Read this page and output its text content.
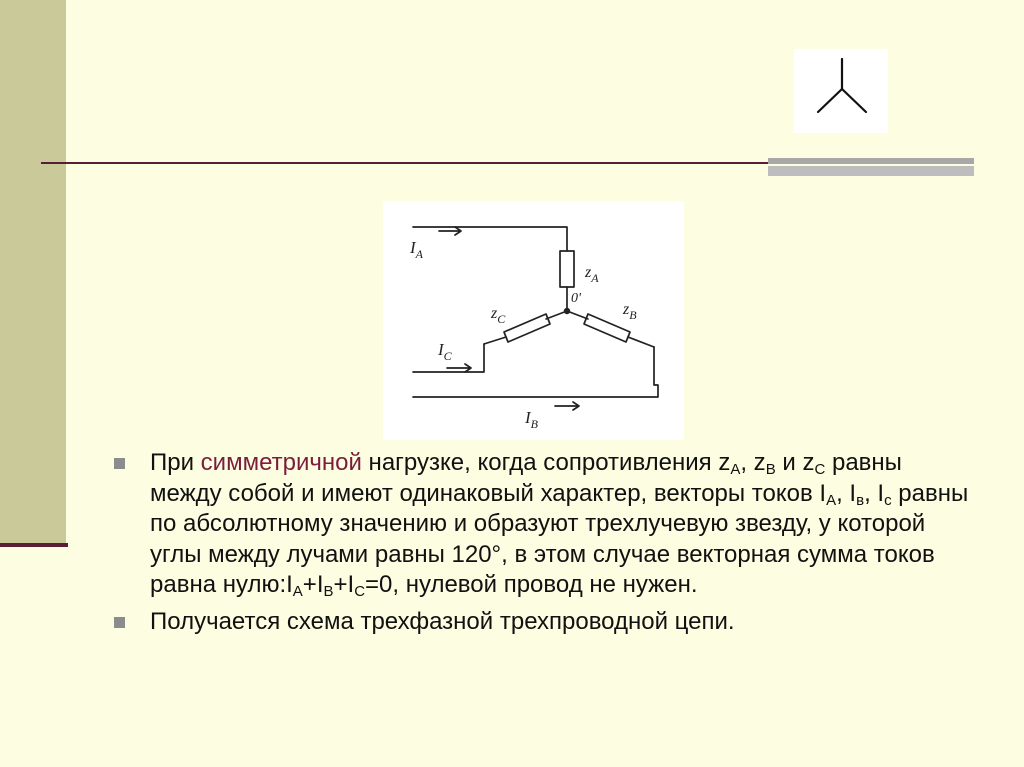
$I_A$
$z_A$
0'
$z_C$
$z_B$
$I_C$
$I_B$
При симметричной нагрузке, когда сопротивления $z_A$, $z_B$ и $z_C$ равны между собой и имеют одинаковый характер, векторы токов $I_A$, $I_в$, $I_с$ равны по абсолютному значению и образуют трехлучевую звезду, у которой углы между лучами равны 120°, в этом случае векторная сумма токов равна $нулю:I_A+I_B+I_C=0$, нулевой провод не нужен.
Получается схема трехфазной трехпроводной цепи.
